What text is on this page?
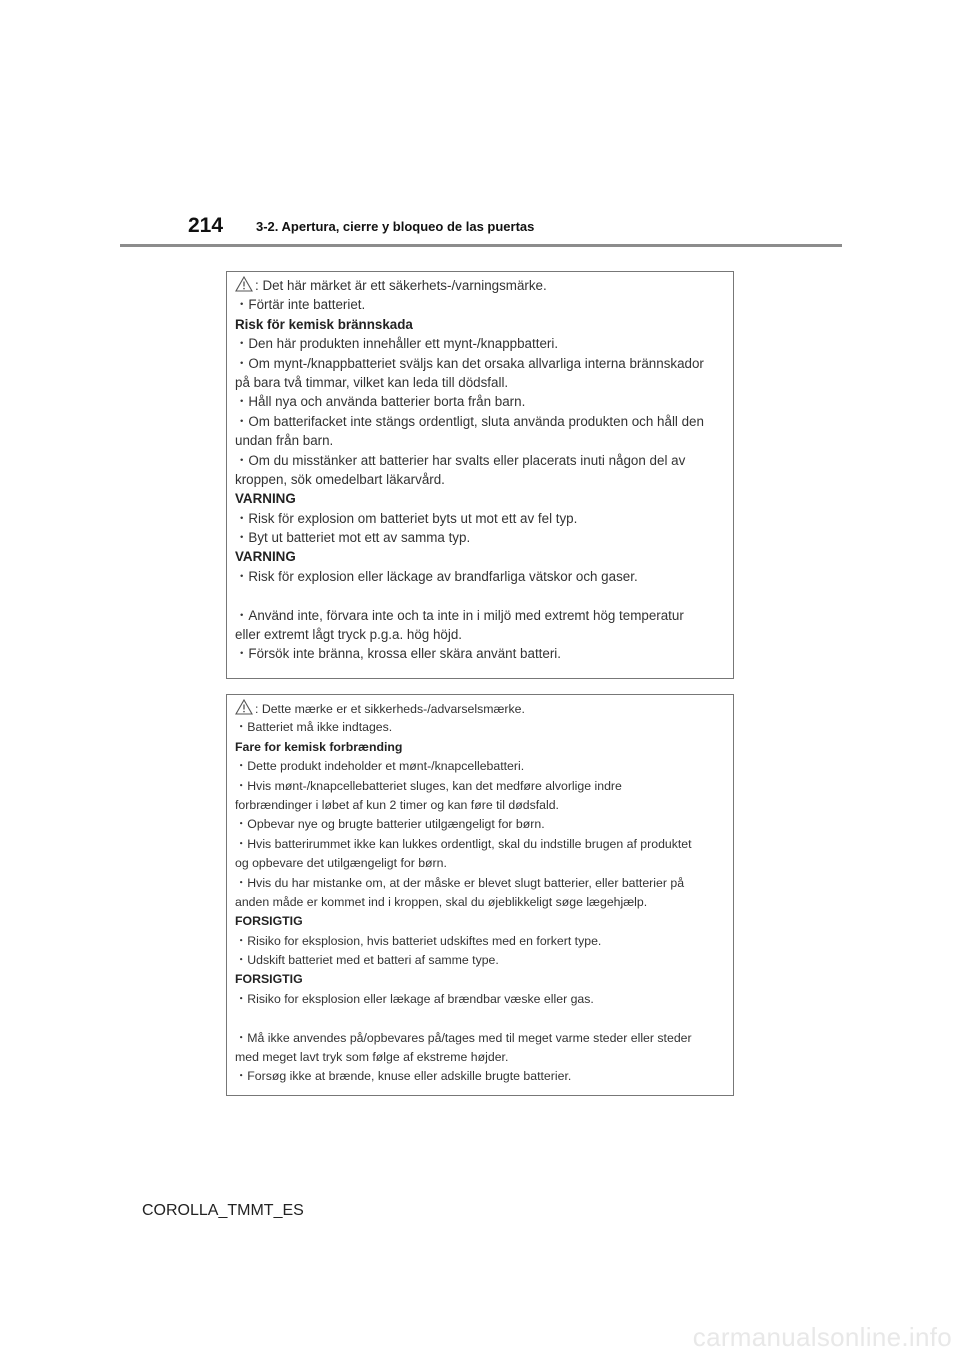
214	3-2. Apertura, cierre y bloqueo de las puertas
: Det här märket är ett säkerhets-/varningsmärke.
・Förtär inte batteriet.
Risk för kemisk brännskada
・Den här produkten innehåller ett mynt-/knappbatteri.
・Om mynt-/knappbatteriet sväljs kan det orsaka allvarliga interna brännskador
på bara två timmar, vilket kan leda till dödsfall.
・Håll nya och använda batterier borta från barn.
・Om batterifacket inte stängs ordentligt, sluta använda produkten och håll den
undan från barn.
・Om du misstänker att batterier har svalts eller placerats inuti någon del av
kroppen, sök omedelbart läkarvård.
VARNING
・Risk för explosion om batteriet byts ut mot ett av fel typ.
・Byt ut batteriet mot ett av samma typ.
VARNING
・Risk för explosion eller läckage av brandfarliga vätskor och gaser.
・Använd inte, förvara inte och ta inte in i miljö med extremt hög temperatur
eller extremt lågt tryck p.g.a. hög höjd.
・Försök inte bränna, krossa eller skära använt batteri.
: Dette mærke er et sikkerheds-/advarselsmærke.
・Batteriet må ikke indtages.
Fare for kemisk forbrænding
・Dette produkt indeholder et mønt-/knapcellebatteri.
・Hvis mønt-/knapcellebatteriet sluges, kan det medføre alvorlige indre
forbrændinger i løbet af kun 2 timer og kan føre til dødsfald.
・Opbevar nye og brugte batterier utilgængeligt for børn.
・Hvis batterirummet ikke kan lukkes ordentligt, skal du indstille brugen af produktet
og opbevare det utilgængeligt for børn.
・Hvis du har mistanke om, at der måske er blevet slugt batterier, eller batterier på
anden måde er kommet ind i kroppen, skal du øjeblikkeligt søge lægehjælp.
FORSIGTIG
・Risiko for eksplosion, hvis batteriet udskiftes med en forkert type.
・Udskift batteriet med et batteri af samme type.
FORSIGTIG
・Risiko for eksplosion eller lækage af brændbar væske eller gas.
・Må ikke anvendes på/opbevares på/tages med til meget varme steder eller steder
med meget lavt tryk som følge af ekstreme højder.
・Forsøg ikke at brænde, knuse eller adskille brugte batterier.
COROLLA_TMMT_ES
carmanualsonline.info
